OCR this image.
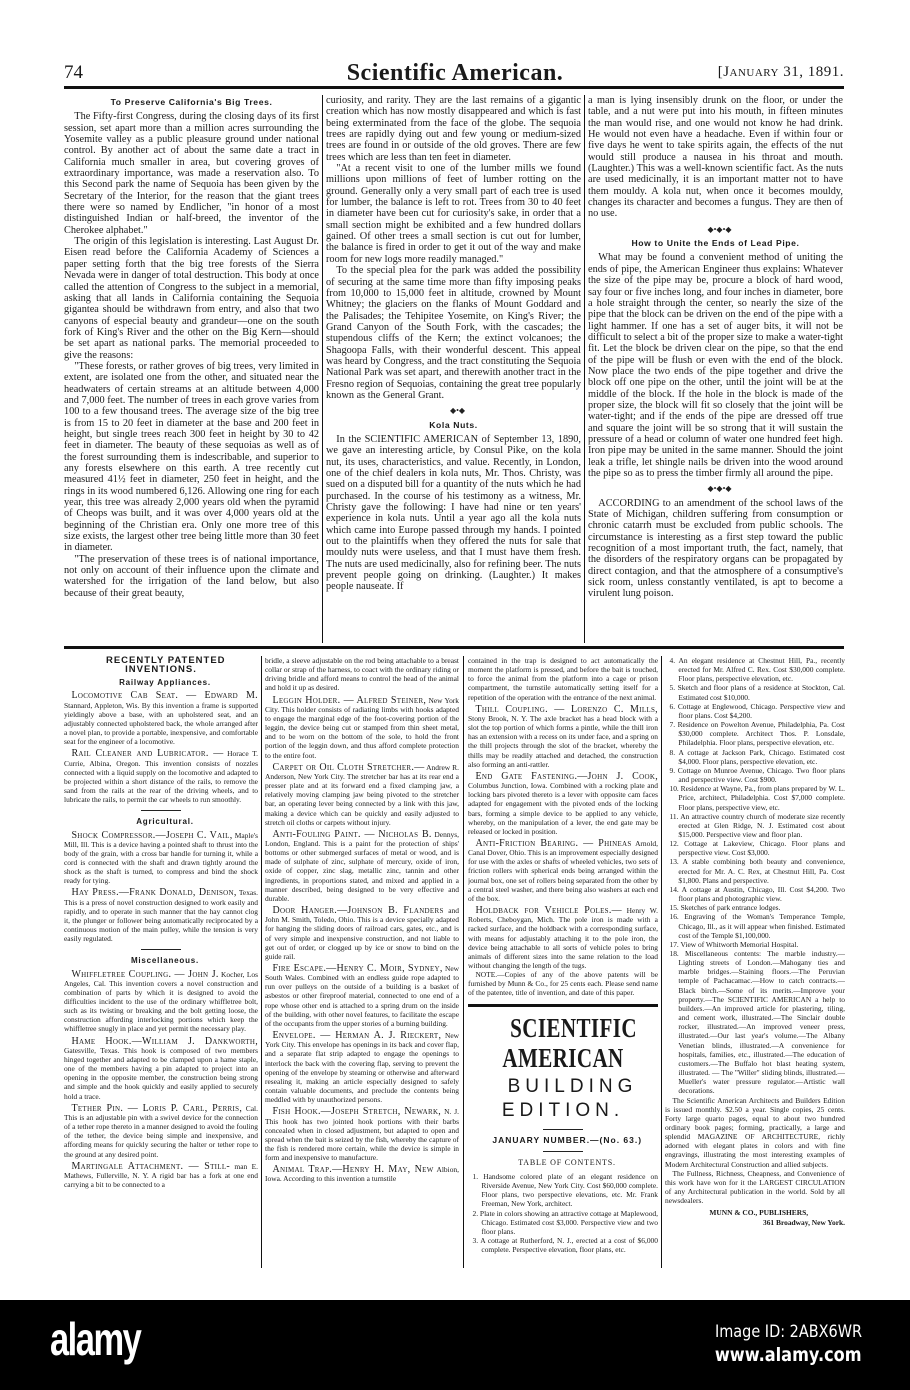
74	Scientific American.	[January 31, 1891.

To Preserve California's Big Trees.

The Fifty-first Congress, during the closing days of its first session, set apart more than a million acres surrounding the Yosemite valley as a public pleasure ground under national control. By another act of about the same date a tract in California much smaller in area, but covering groves of extraordinary importance, was made a reservation also. To this Second park the name of Sequoia has been given by the Secretary of the Interior, for the reason that the giant trees there were so named by Endlicher, "in honor of a most distinguished Indian or half-breed, the inventor of the Cherokee alphabet."

The origin of this legislation is interesting. Last August Dr. Eisen read before the California Academy of Sciences a paper setting forth that the big tree forests of the Sierra Nevada were in danger of total destruction. This body at once called the attention of Congress to the subject in a memorial, asking that all lands in California containing the Sequoia gigantea should be withdrawn from entry, and also that two canyons of especial beauty and grandeur—one on the south fork of King's River and the other on the Big Kern—should be set apart as national parks. The memorial proceeded to give the reasons:

"These forests, or rather groves of big trees, very limited in extent, are isolated one from the other, and situated near the headwaters of certain streams at an altitude between 4,000 and 7,000 feet. The number of trees in each grove varies from 100 to a few thousand trees. The average size of the big tree is from 15 to 20 feet in diameter at the base and 200 feet in height, but single trees reach 300 feet in height by 30 to 42 feet in diameter. The beauty of these sequoias as well as of the forest surrounding them is indescribable, and superior to any forests elsewhere on this earth. A tree recently cut measured 41½ feet in diameter, 250 feet in height, and the rings in its wood numbered 6,126. Allowing one ring for each year, this tree was already 2,000 years old when the pyramid of Cheops was built, and it was over 4,000 years old at the beginning of the Christian era. Only one more tree of this size exists, the largest other tree being little more than 30 feet in diameter.

"The preservation of these trees is of national importance, not only on account of their influence upon the climate and watershed for the irrigation of the land below, but also because of their great beauty,

curiosity, and rarity. They are the last remains of a gigantic creation which has now mostly disappeared and which is fast being exterminated from the face of the globe. The sequoia trees are rapidly dying out and few young or medium-sized trees are found in or outside of the old groves. There are few trees which are less than ten feet in diameter.

"At a recent visit to one of the lumber mills we found millions upon millions of feet of lumber rotting on the ground. Generally only a very small part of each tree is used for lumber, the balance is left to rot. Trees from 30 to 40 feet in diameter have been cut for curiosity's sake, in order that a small section might be exhibited and a few hundred dollars gained. Of other trees a small section is cut out for lumber, the balance is fired in order to get it out of the way and make room for new logs more readily managed."

To the special plea for the park was added the possibility of securing at the same time more than fifty imposing peaks from 10,000 to 15,000 feet in altitude, crowned by Mount Whitney; the glaciers on the flanks of Mount Goddard and the Palisades; the Tehipitee Yosemite, on King's River; the Grand Canyon of the South Fork, with the cascades; the stupendous cliffs of the Kern; the extinct volcanoes; the Shagoopa Falls, with their wonderful descent. This appeal was heard by Congress, and the tract constituting the Sequoia National Park was set apart, and therewith another tract in the Fresno region of Sequoias, containing the great tree popularly known as the General Grant.

◆•◆

Kola Nuts.

In the SCIENTIFIC AMERICAN of September 13, 1890, we gave an interesting article, by Consul Pike, on the kola nut, its uses, characteristics, and value. Recently, in London, one of the chief dealers in kola nuts, Mr. Thos. Christy, was sued on a disputed bill for a quantity of the nuts which he had purchased. In the course of his testimony as a witness, Mr. Christy gave the following: I have had nine or ten years' experience in kola nuts. Until a year ago all the kola nuts which came into Europe passed through my hands. I pointed out to the plaintiffs when they offered the nuts for sale that mouldy nuts were useless, and that I must have them fresh. The nuts are used medicinally, also for refining beer. The nuts prevent people going on drinking. (Laughter.) It makes people nauseate. If

a man is lying insensibly drunk on the floor, or under the table, and a nut were put into his mouth, in fifteen minutes the man would rise, and one would not know he had drink. He would not even have a headache. Even if within four or five days he went to take spirits again, the effects of the nut would still produce a nausea in his throat and mouth. (Laughter.) This was a well-known scientific fact. As the nuts are used medicinally, it is an important matter not to have them mouldy. A kola nut, when once it becomes mouldy, changes its character and becomes a fungus. They are then of no use.

◆•◆•◆

How to Unite the Ends of Lead Pipe.

What may be found a convenient method of uniting the ends of pipe, the American Engineer thus explains: Whatever the size of the pipe may be, procure a block of hard wood, say four or five inches long, and four inches in diameter, bore a hole straight through the center, so nearly the size of the pipe that the block can be driven on the end of the pipe with a light hammer. If one has a set of auger bits, it will not be difficult to select a bit of the proper size to make a water-tight fit. Let the block be driven clear on the pipe, so that the end of the pipe will be flush or even with the end of the block. Now place the two ends of the pipe together and drive the block off one pipe on the other, until the joint will be at the middle of the block. If the hole in the block is made of the proper size, the block will fit so closely that the joint will be water-tight; and if the ends of the pipe are dressed off true and square the joint will be so strong that it will sustain the pressure of a head or column of water one hundred feet high. Iron pipe may be united in the same manner. Should the joint leak a trifle, let shingle nails be driven into the wood around the pipe so as to press the timber firmly all around the pipe.

◆•◆•◆

ACCORDING to an amendment of the school laws of the State of Michigan, children suffering from consumption or chronic catarrh must be excluded from public schools. The circumstance is interesting as a first step toward the public recognition of a most important truth, the fact, namely, that the disorders of the respiratory organs can be propagated by direct contagion, and that the atmosphere of a consumptive's sick room, unless constantly ventilated, is apt to become a virulent lung poison.

RECENTLY PATENTED INVENTIONS.

Railway Appliances.

Locomotive Cab Seat. — Edward M. Stannard, Appleton, Wis. By this invention a frame is supported yieldingly above a base, with an upholstered seat, and an adjustably connected upholstered back, the whole arranged after a novel plan, to provide a portable, inexpensive, and comfortable seat for the engineer of a locomotive.

Rail Cleaner and Lubricator. — Horace T. Currie, Albina, Oregon. This invention consists of nozzles connected with a liquid supply on the locomotive and adapted to be projected within a short distance of the rails, to remove the sand from the rails at the rear of the driving wheels, and to lubricate the rails, to permit the car wheels to run smoothly.

Agricultural.

Shock Compressor.—Joseph C. Vail, Maple's Mill, Ill. This is a device having a pointed shaft to thrust into the body of the grain, with a cross bar handle for turning it, while a cord is connected with the shaft and drawn tightly around the shock as the shaft is turned, to compress and bind the shock ready for tying.

Hay Press.—Frank Donald, Denison, Texas. This is a press of novel construction designed to work easily and rapidly, and to operate in such manner that the hay cannot clog it, the plunger or follower being automatically reciprocated by a continuous motion of the main pulley, while the tension is very easily regulated.

Miscellaneous.

Whiffletree Coupling. — John J. Kocher, Los Angeles, Cal. This invention covers a novel construction and combination of parts by which it is designed to avoid the difficulties incident to the use of the ordinary whiffletree bolt, such as its twisting or breaking and the bolt getting loose, the construction affording interlocking portions which keep the whiffletree snugly in place and yet permit the necessary play.

Hame Hook.—William J. Dankworth, Gatesville, Texas. This hook is composed of two members hinged together and adapted to be clamped upon a hame staple, one of the members having a pin adapted to project into an opening in the opposite member, the construction being strong and simple and the hook quickly and easily applied to securely hold a trace.

Tether Pin. — Loris P. Carl, Perris, Cal. This is an adjustable pin with a swivel device for the connection of a tether rope thereto in a manner designed to avoid the fouling of the tether, the device being simple and inexpensive, and affording means for quickly securing the halter or tether rope to the ground at any desired point.

Martingale Attachment. — Still- man E. Mathews, Fullerville, N. Y. A rigid bar has a fork at one end carrying a bit to be connected to a

bridle, a sleeve adjustable on the rod being attachable to a breast collar or strap of the harness, to coact with the ordinary riding or driving bridle and afford means to control the head of the animal and hold it up as desired.

Leggin Holder. — Alfred Steiner, New York City. This holder consists of radiating limbs with hooks adapted to engage the marginal edge of the foot-covering portion of the leggin, the device being cut or stamped from thin sheet metal, and to be worn on the bottom of the sole, to hold the front portion of the leggin down, and thus afford complete protection to the entire foot.

Carpet or Oil Cloth Stretcher.— Andrew R. Anderson, New York City. The stretcher bar has at its rear end a presser plate and at its forward end a fixed clamping jaw, a relatively moving clamping jaw being pivoted to the stretcher bar, an operating lever being connected by a link with this jaw, making a device which can be quickly and easily adjusted to stretch oil cloths or carpets without injury.

Anti-Fouling Paint. — Nicholas B. Dennys, London, England. This is a paint for the protection of ships' bottoms or other submerged surfaces of metal or wood, and is made of sulphate of zinc, sulphate of mercury, oxide of iron, oxide of copper, zinc slag, metallic zinc, tannin and other ingredients, in proportions stated, and mixed and applied in a manner described, being designed to be very effective and durable.

Door Hanger.—Johnson B. Flanders and John M. Smith, Toledo, Ohio. This is a device specially adapted for hanging the sliding doors of railroad cars, gates, etc., and is of very simple and inexpensive construction, and not liable to get out of order, or clogged up by ice or snow to bind on the guide rail.

Fire Escape.—Henry C. Moir, Sydney, New South Wales. Combined with an endless guide rope adapted to run over pulleys on the outside of a building is a basket of asbestos or other fireproof material, connected to one end of a rope whose other end is attached to a spring drum on the inside of the building, with other novel features, to facilitate the escape of the occupants from the upper stories of a burning building.

Envelope. — Herman A. J. Rieckert, New York City. This envelope has openings in its back and cover flap, and a separate flat strip adapted to engage the openings to interlock the back with the covering flap, serving to prevent the opening of the envelope by steaming or otherwise and afterward resealing it, making an article especially designed to safely contain valuable documents, and preclude the contents being meddled with by unauthorized persons.

Fish Hook.—Joseph Stretch, Newark, N. J. This hook has two jointed hook portions with their barbs concealed when in closed adjustment, but adapted to open and spread when the bait is seized by the fish, whereby the capture of the fish is rendered more certain, while the device is simple in form and inexpensive to manufacture.

Animal Trap.—Henry H. May, New Albion, Iowa. According to this invention a turnstile

contained in the trap is designed to act automatically the moment the platform is pressed, and before the bait is touched, to force the animal from the platform into a cage or prison compartment, the turnstile automatically setting itself for a repetition of the operation with the entrance of the next animal.

Thill Coupling. — Lorenzo C. Mills, Stony Brook, N. Y. The axle bracket has a head block with a slot the top portion of which forms a pintle, while the thill iron has an extension with a recess on its under face, and a spring on the thill projects through the slot of the bracket, whereby the thills may be readily attached and detached, the construction also forming an anti-rattler.

End Gate Fastening.—John J. Cook, Columbus Junction, Iowa. Combined with a rocking plate and locking bars pivoted thereto is a lever with opposite cam faces adapted for engagement with the pivoted ends of the locking bars, forming a simple device to be applied to any vehicle, whereby, on the manipulation of a lever, the end gate may be released or locked in position.

Anti-Friction Bearing. — Phineas Arnold, Canal Dover, Ohio. This is an improvement especially designed for use with the axles or shafts of wheeled vehicles, two sets of friction rollers with spherical ends being arranged within the journal box, one set of rollers being separated from the other by a central steel washer, and there being also washers at each end of the box.

Holdback for Vehicle Poles.— Henry W. Roberts, Cheboygan, Mich. The pole iron is made with a racked surface, and the holdback with a corresponding surface, with means for adjustably attaching it to the pole iron, the device being attachable to all sorts of vehicle poles to bring animals of different sizes into the same relation to the load without changing the length of the tugs.

NOTE.—Copies of any of the above patents will be furnished by Munn & Co., for 25 cents each. Please send name of the patentee, title of invention, and date of this paper.

SCIENTIFIC AMERICAN

BUILDING EDITION.

JANUARY NUMBER.—(No. 63.)

TABLE OF CONTENTS.

1. Handsome colored plate of an elegant residence on Riverside Avenue, New York City. Cost $60,000 complete. Floor plans, two perspective elevations, etc. Mr. Frank Freeman, New York, architect.

2. Plate in colors showing an attractive cottage at Maplewood, Chicago. Estimated cost $3,000. Perspective view and two floor plans.

3. A cottage at Rutherford, N. J., erected at a cost of $6,000 complete. Perspective elevation, floor plans, etc.

4. An elegant residence at Chestnut Hill, Pa., recently erected for Mr. Alfred C. Rex. Cost $30,000 complete. Floor plans, perspective elevation, etc.

5. Sketch and floor plans of a residence at Stockton, Cal. Estimated cost $10,000.

6. Cottage at Englewood, Chicago. Perspective view and floor plans. Cost $4,200.

7. Residence on Powelton Avenue, Philadelphia, Pa. Cost $30,000 complete. Architect Thos. P. Lonsdale, Philadelphia. Floor plans, perspective elevation, etc.

8. A cottage at Jackson Park, Chicago. Estimated cost $4,000. Floor plans, perspective elevation, etc.

9. Cottage on Munroe Avenue, Chicago. Two floor plans and perspective view. Cost $900.

10. Residence at Wayne, Pa., from plans prepared by W. L. Price, architect, Philadelphia. Cost $7,000 complete. Floor plans, perspective view, etc.

11. An attractive country church of moderate size recently erected at Glen Ridge, N. J. Estimated cost about $15,000. Perspective view and floor plan.

12. Cottage at Lakeview, Chicago. Floor plans and perspective view. Cost $3,000.

13. A stable combining both beauty and convenience, erected for Mr. A. C. Rex, at Chestnut Hill, Pa. Cost $1,800. Plans and perspective.

14. A cottage at Austin, Chicago, Ill. Cost $4,200. Two floor plans and photographic view.

15. Sketches of park entrance lodges.

16. Engraving of the Woman's Temperance Temple, Chicago, Ill., as it will appear when finished. Estimated cost of the Temple $1,100,000.

17. View of Whitworth Memorial Hospital.

18. Miscellaneous contents: The marble industry.—Lighting streets of London.—Mahogany ties and marble bridges.—Staining floors.—The Peruvian temple of Pachacamac.—How to catch contracts.—Black birch.—Some of its merits.—Improve your property.—The SCIENTIFIC AMERICAN a help to builders.—An improved article for plastering, tiling, and cement work, illustrated.—The Sinclair double rocker, illustrated.—An improved veneer press, illustrated.—Our last year's volume.—The Albany Venetian blinds, illustrated.—A convenience for hospitals, families, etc., illustrated.—The education of customers.—The Buffalo hot blast heating system, illustrated. — The "Willer" sliding blinds, illustrated.—Mueller's water pressure regulator.—Artistic wall decorations.

The Scientific American Architects and Builders Edition is issued monthly. $2.50 a year. Single copies, 25 cents. Forty large quarto pages, equal to about two hundred ordinary book pages; forming, practically, a large and splendid MAGAZINE OF ARCHITECTURE, richly adorned with elegant plates in colors and with fine engravings, illustrating the most interesting examples of Modern Architectural Construction and allied subjects.

The Fullness, Richness, Cheapness, and Convenience of this work have won for it the LARGEST CIRCULATION of any Architectural publication in the world. Sold by all newsdealers.

MUNN & CO., PUBLISHERS,

361 Broadway, New York.

alamy	Image ID: 2ABX6WR
www.alamy.com
